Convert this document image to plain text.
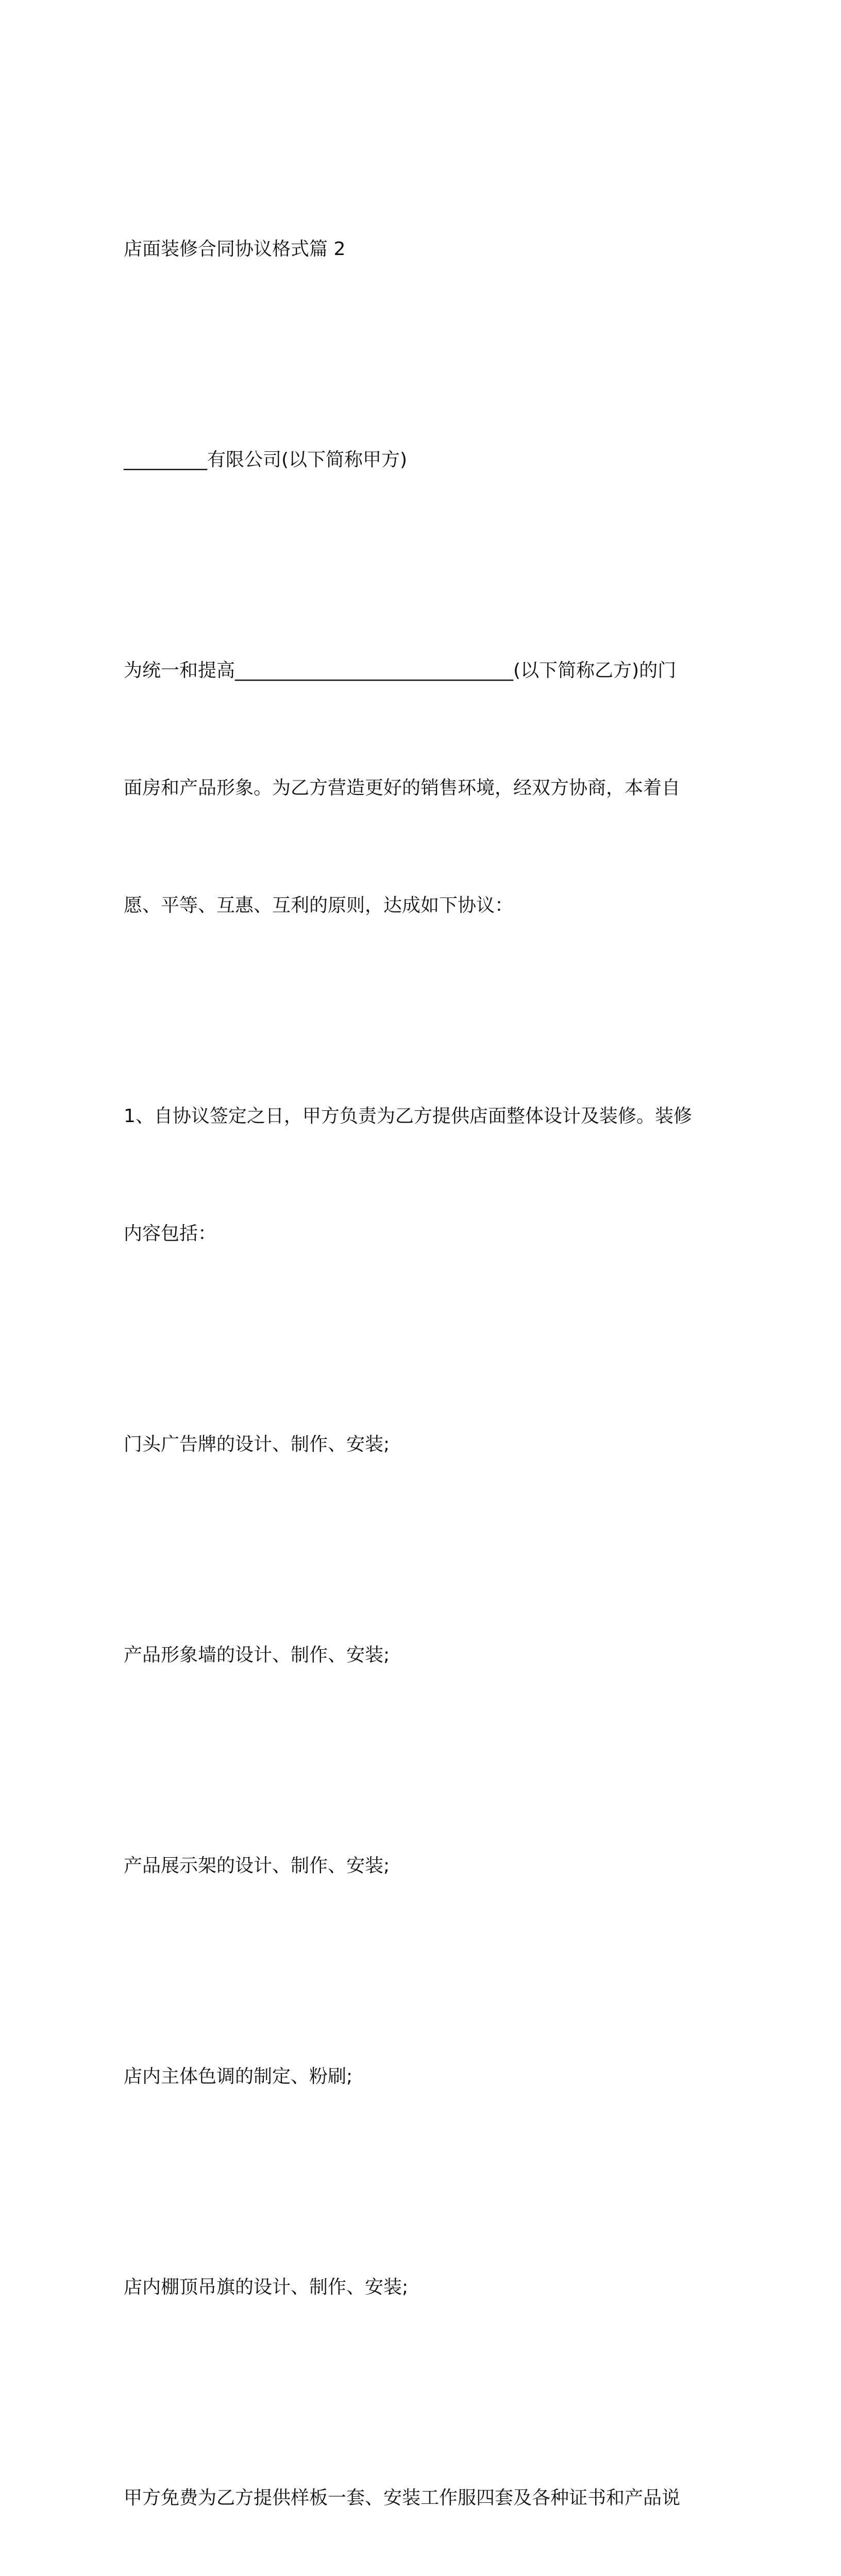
店面装修合同协议格式篇 2

_________有限公司(以下简称甲方)

为统一和提高______________________________(以下简称乙方)的门

面房和产品形象。为乙方营造更好的销售环境，经双方协商，本着自

愿、平等、互惠、互利的原则，达成如下协议：

1、自协议签定之日，甲方负责为乙方提供店面整体设计及装修。装修

内容包括：

门头广告牌的设计、制作、安装;

产品形象墙的设计、制作、安装;

产品展示架的设计、制作、安装;

店内主体色调的制定、粉刷;

店内棚顶吊旗的设计、制作、安装;

甲方免费为乙方提供样板一套、安装工作服四套及各种证书和产品说
